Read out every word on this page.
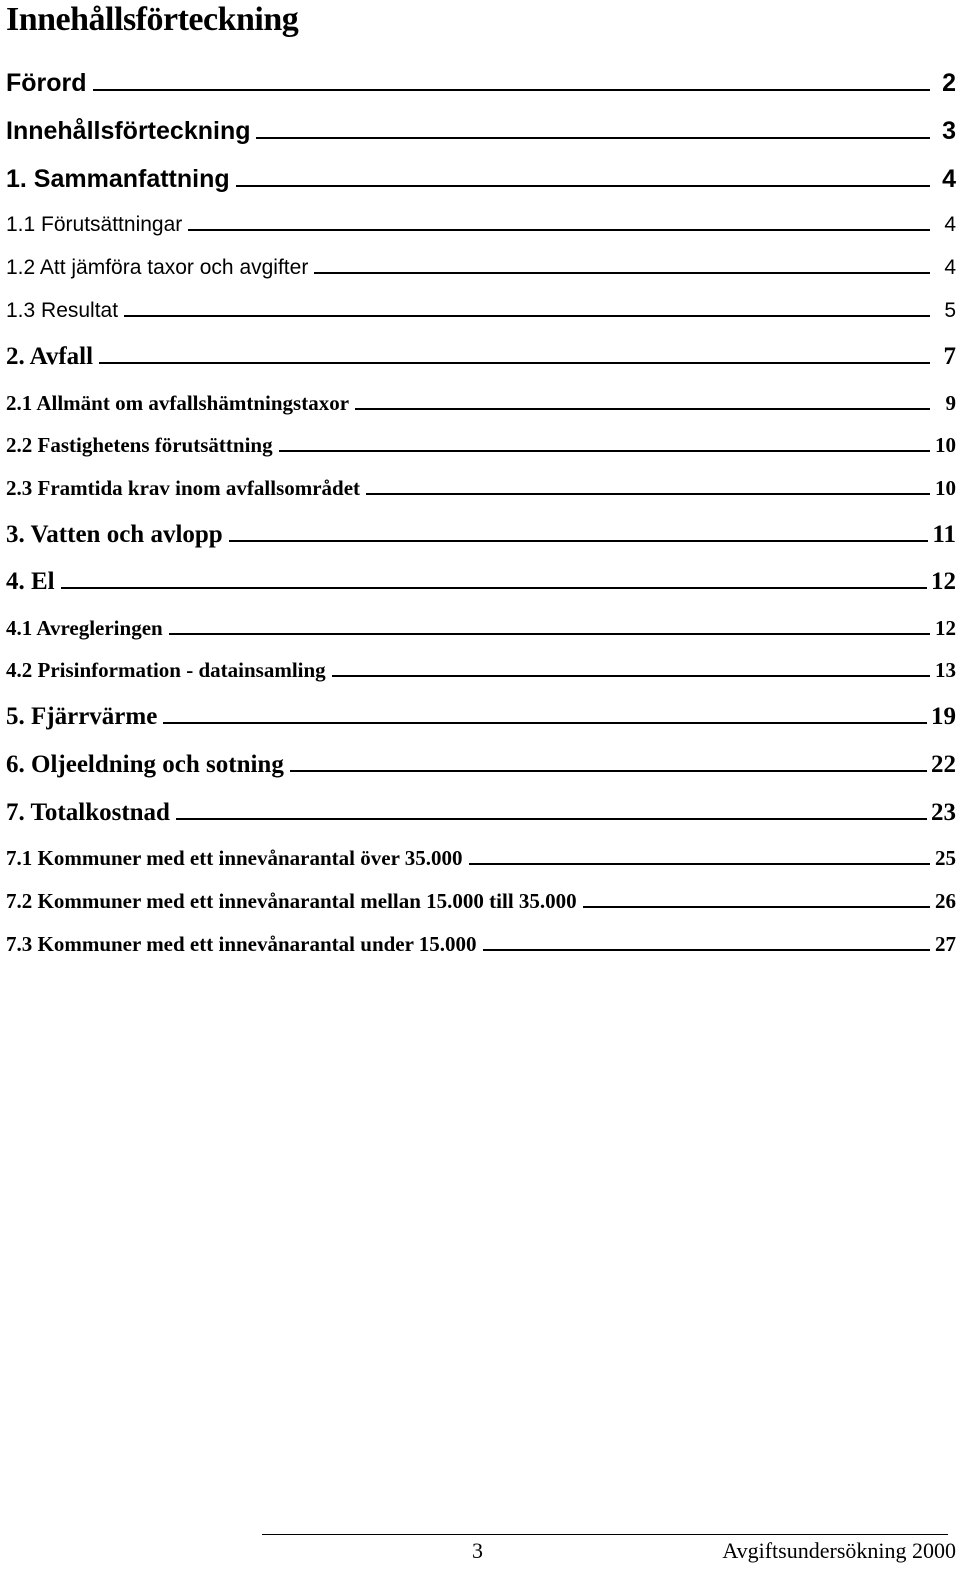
Innehållsförteckning
Förord	2
Innehållsförteckning	3
1. Sammanfattning	4
1.1 Förutsättningar	4
1.2 Att jämföra taxor och avgifter	4
1.3 Resultat	5
2. Avfall	7
2.1 Allmänt om avfallshämtningstaxor	9
2.2 Fastighetens förutsättning	10
2.3 Framtida krav inom avfallsområdet	10
3. Vatten och avlopp	11
4. El	12
4.1 Avregleringen	12
4.2 Prisinformation - datainsamling	13
5. Fjärrvärme	19
6. Oljeeldning och sotning	22
7. Totalkostnad	23
7.1 Kommuner med ett innevånarantal över 35.000	25
7.2 Kommuner med ett innevånarantal mellan 15.000 till 35.000	26
7.3 Kommuner med ett innevånarantal under 15.000	27
3	Avgiftsundersökning 2000
